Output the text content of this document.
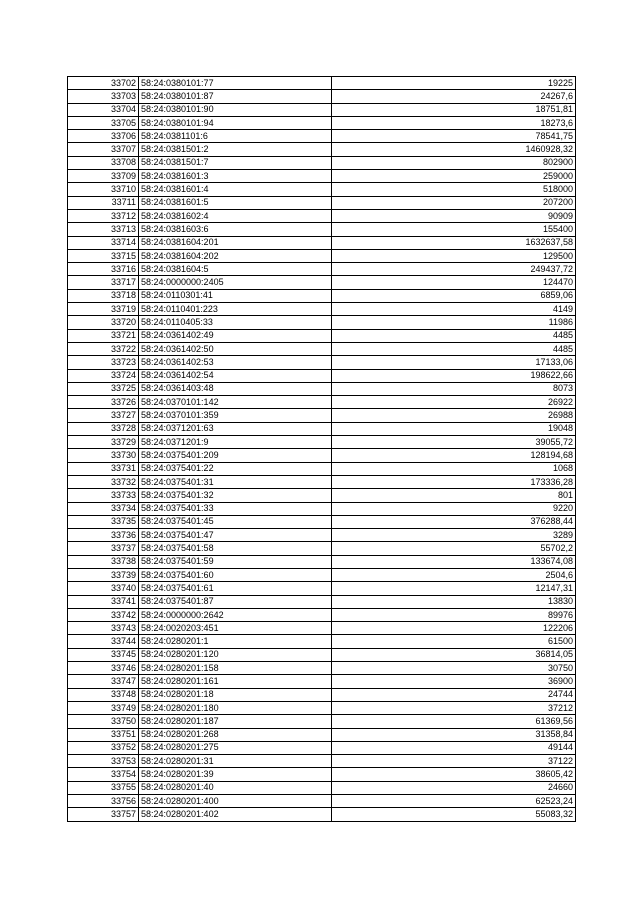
33702	58:24:0380101:77	19225
33703	58:24:0380101:87	24267,6
33704	58:24:0380101:90	18751,81
33705	58:24:0380101:94	18273,6
33706	58:24:0381101:6	78541,75
33707	58:24:0381501:2	1460928,32
33708	58:24:0381501:7	802900
33709	58:24:0381601:3	259000
33710	58:24:0381601:4	518000
33711	58:24:0381601:5	207200
33712	58:24:0381602:4	90909
33713	58:24:0381603:6	155400
33714	58:24:0381604:201	1632637,58
33715	58:24:0381604:202	129500
33716	58:24:0381604:5	249437,72
33717	58:24:0000000:2405	124470
33718	58:24:0110301:41	6859,06
33719	58:24:0110401:223	4149
33720	58:24:0110405:33	11986
33721	58:24:0361402:49	4485
33722	58:24:0361402:50	4485
33723	58:24:0361402:53	17133,06
33724	58:24:0361402:54	198622,66
33725	58:24:0361403:48	8073
33726	58:24:0370101:142	26922
33727	58:24:0370101:359	26988
33728	58:24:0371201:63	19048
33729	58:24:0371201:9	39055,72
33730	58:24:0375401:209	128194,68
33731	58:24:0375401:22	1068
33732	58:24:0375401:31	173336,28
33733	58:24:0375401:32	801
33734	58:24:0375401:33	9220
33735	58:24:0375401:45	376288,44
33736	58:24:0375401:47	3289
33737	58:24:0375401:58	55702,2
33738	58:24:0375401:59	133674,08
33739	58:24:0375401:60	2504,6
33740	58:24:0375401:61	12147,31
33741	58:24:0375401:87	13830
33742	58:24:0000000:2642	89976
33743	58:24:0020203:451	122206
33744	58:24:0280201:1	61500
33745	58:24:0280201:120	36814,05
33746	58:24:0280201:158	30750
33747	58:24:0280201:161	36900
33748	58:24:0280201:18	24744
33749	58:24:0280201:180	37212
33750	58:24:0280201:187	61369,56
33751	58:24:0280201:268	31358,84
33752	58:24:0280201:275	49144
33753	58:24:0280201:31	37122
33754	58:24:0280201:39	38605,42
33755	58:24:0280201:40	24660
33756	58:24:0280201:400	62523,24
33757	58:24:0280201:402	55083,32
